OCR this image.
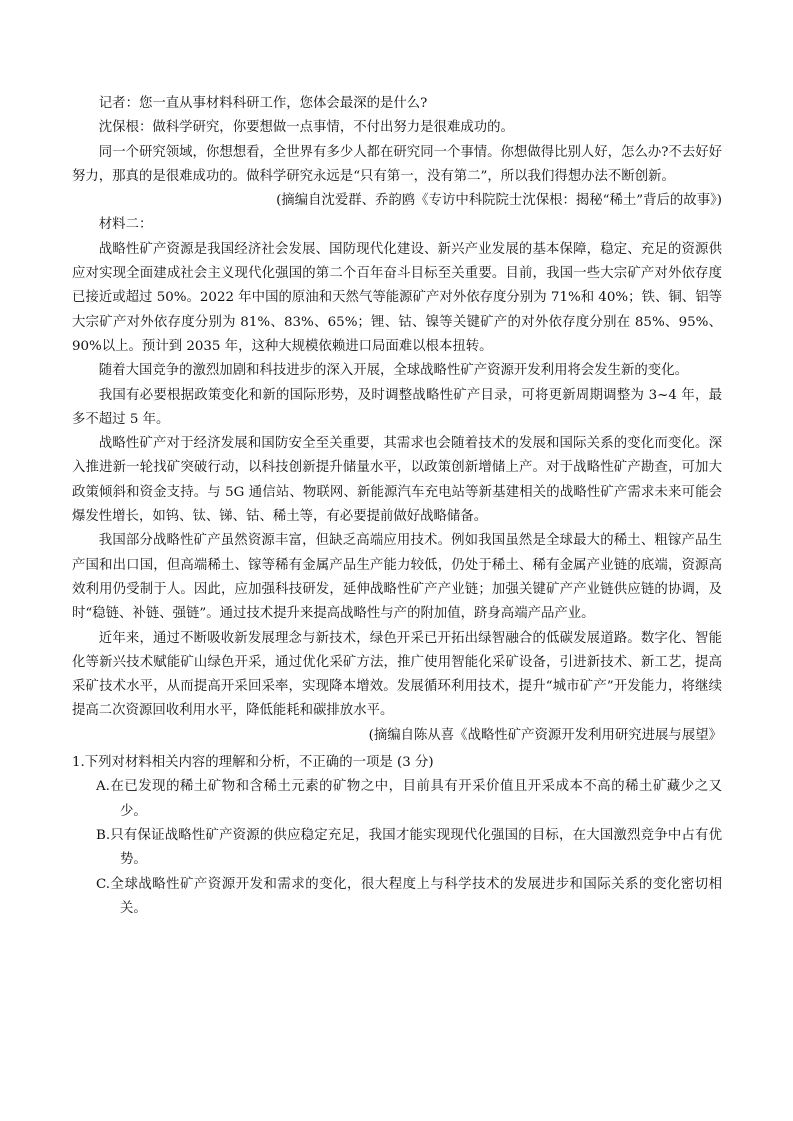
记者：您一直从事材料科研工作，您体会最深的是什么?

沈保根：做科学研究，你要想做一点事情，不付出努力是很难成功的。

同一个研究领域，你想想看，全世界有多少人都在研究同一个事情。你想做得比别人好，怎么办?不去好好努力，那真的是很难成功的。做科学研究永远是“只有第一，没有第二”，所以我们得想办法不断创新。

(摘编自沈爱群、乔韵鸥《专访中科院院士沈保根：揭秘“稀土”背后的故事》)

材料二：

战略性矿产资源是我国经济社会发展、国防现代化建设、新兴产业发展的基本保障，稳定、充足的资源供应对实现全面建成社会主义现代化强国的第二个百年奋斗目标至关重要。目前，我国一些大宗矿产对外依存度已接近或超过 50%。2022 年中国的原油和天然气等能源矿产对外依存度分别为 71%和 40%；铁、铜、铝等大宗矿产对外依存度分别为 81%、83%、65%；锂、钴、镍等关键矿产的对外依存度分别在 85%、95%、90%以上。预计到 2035 年，这种大规模依赖进口局面难以根本扭转。

随着大国竞争的激烈加剧和科技进步的深入开展，全球战略性矿产资源开发利用将会发生新的变化。

我国有必要根据政策变化和新的国际形势，及时调整战略性矿产目录，可将更新周期调整为 3~4 年，最多不超过 5 年。

战略性矿产对于经济发展和国防安全至关重要，其需求也会随着技术的发展和国际关系的变化而变化。深入推进新一轮找矿突破行动，以科技创新提升储量水平，以政策创新增储上产。对于战略性矿产勘查，可加大政策倾斜和资金支持。与 5G 通信站、物联网、新能源汽车充电站等新基建相关的战略性矿产需求未来可能会爆发性增长，如钨、钛、锑、钴、稀土等，有必要提前做好战略储备。

我国部分战略性矿产虽然资源丰富，但缺乏高端应用技术。例如我国虽然是全球最大的稀土、粗镓产品生产国和出口国，但高端稀土、镓等稀有金属产品生产能力较低，仍处于稀土、稀有金属产业链的底端，资源高效利用仍受制于人。因此，应加强科技研发，延伸战略性矿产产业链；加强关键矿产产业链供应链的协调，及时“稳链、补链、强链”。通过技术提升来提高战略性与产的附加值，跻身高端产品产业。

近年来，通过不断吸收新发展理念与新技术，绿色开采已开拓出绿智融合的低碳发展道路。数字化、智能化等新兴技术赋能矿山绿色开采，通过优化采矿方法，推广使用智能化采矿设备，引进新技术、新工艺，提高采矿技术水平，从而提高开采回采率，实现降本增效。发展循环利用技术，提升“城市矿产”开发能力，将继续提高二次资源回收利用水平，降低能耗和碳排放水平。

(摘编自陈从喜《战略性矿产资源开发利用研究进展与展望》

1.下列对材料相关内容的理解和分析，不正确的一项是 (3 分)

A.在已发现的稀土矿物和含稀土元素的矿物之中，目前具有开采价值且开采成本不高的稀土矿藏少之又少。

B.只有保证战略性矿产资源的供应稳定充足，我国才能实现现代化强国的目标，在大国激烈竞争中占有优势。

C.全球战略性矿产资源开发和需求的变化，很大程度上与科学技术的发展进步和国际关系的变化密切相关。
